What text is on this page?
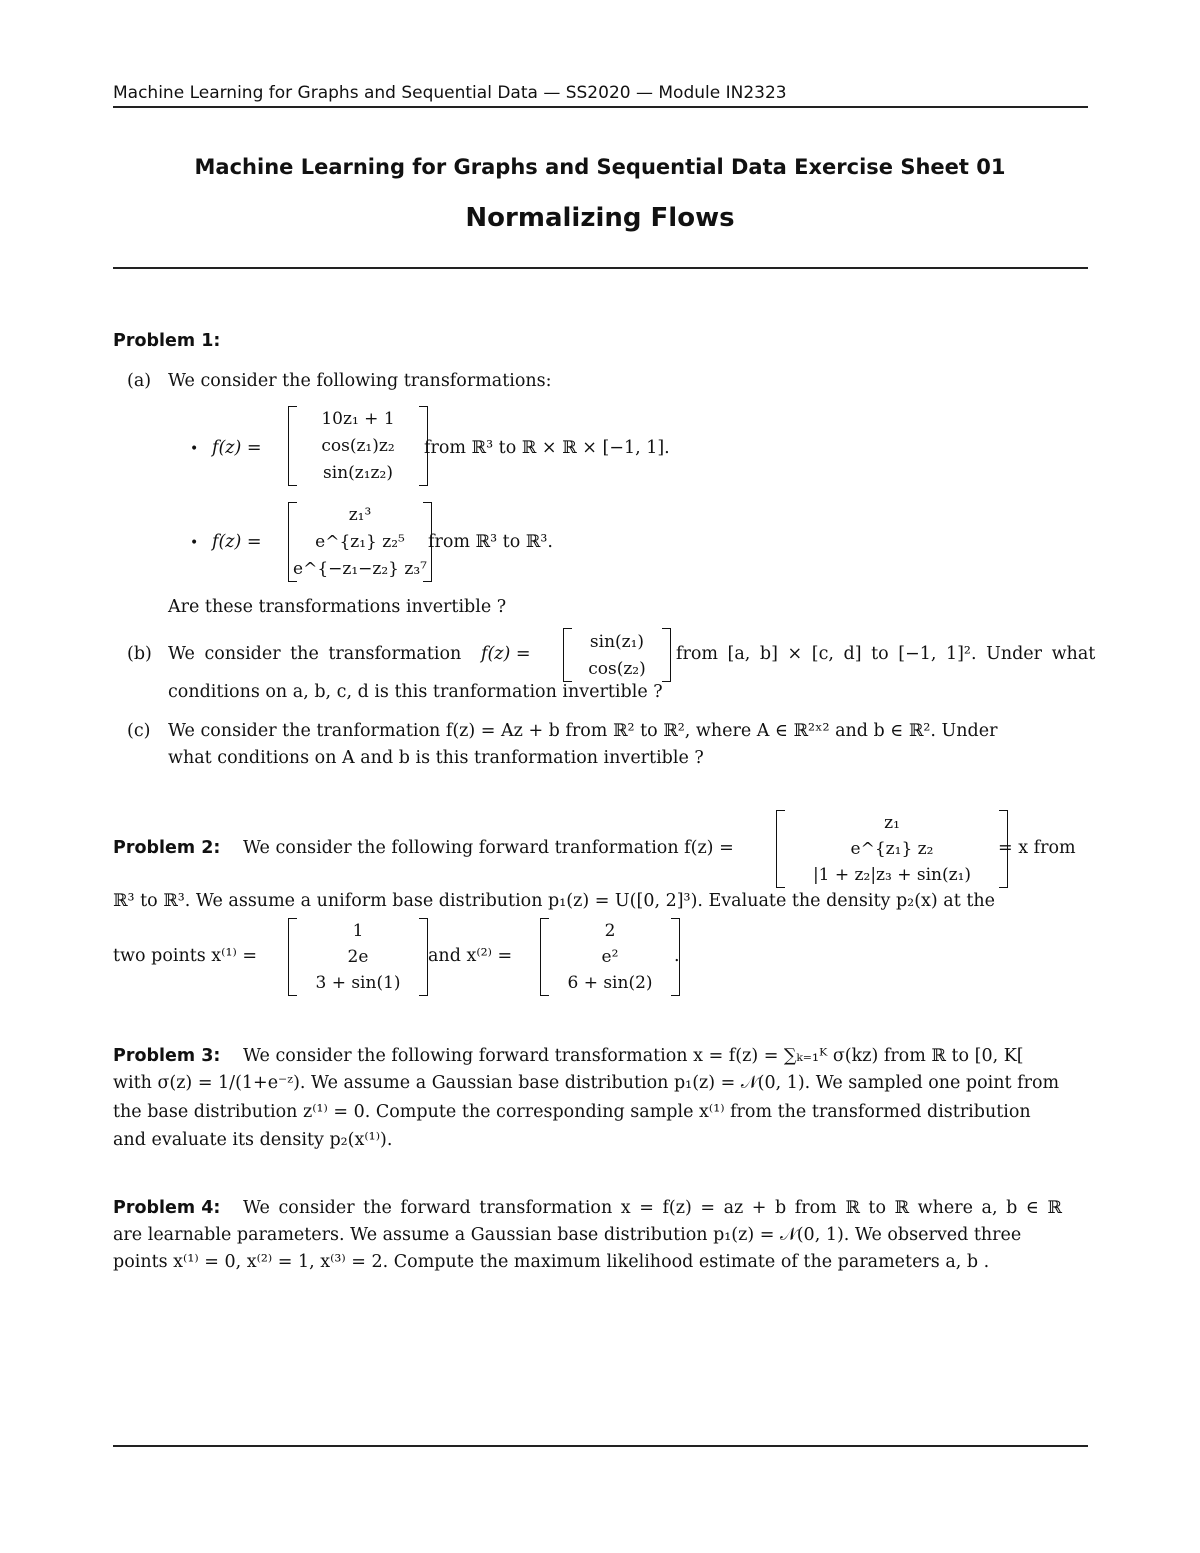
Machine Learning for Graphs and Sequential Data — SS2020 — Module IN2323
Machine Learning for Graphs and Sequential Data Exercise Sheet 01
Normalizing Flows
Problem 1:
(a) We consider the following transformations:
• f(z) =
10z₁ + 1
cos(z₁)z₂
sin(z₁z₂)
from ℝ³ to ℝ × ℝ × [−1, 1].
• f(z) =
z₁³
e^{z₁} z₂⁵
e^{−z₁−z₂} z₃⁷
from ℝ³ to ℝ³.
Are these transformations invertible ?
(b) We consider the transformation f(z) =
sin(z₁)
cos(z₂)
from [a, b] × [c, d] to [−1, 1]². Under what
conditions on a, b, c, d is this tranformation invertible ?
(c) We consider the tranformation f(z) = Az + b from ℝ² to ℝ², where A ∈ ℝ²ˣ² and b ∈ ℝ². Under
what conditions on A and b is this tranformation invertible ?
Problem 2: We consider the following forward tranformation f(z) =
z₁
e^{z₁} z₂
|1 + z₂|z₃ + sin(z₁)
= x from
ℝ³ to ℝ³. We assume a uniform base distribution p₁(z) = U([0, 2]³). Evaluate the density p₂(x) at the
two points x⁽¹⁾ =
1
2e
3 + sin(1)
and x⁽²⁾ =
2
e²
6 + sin(2)
.
Problem 3: We consider the following forward transformation x = f(z) = ∑ₖ₌₁ᴷ σ(kz) from ℝ to [0, K[
with σ(z) = 1/(1+e⁻ᶻ). We assume a Gaussian base distribution p₁(z) = 𝒩(0, 1). We sampled one point from
the base distribution z⁽¹⁾ = 0. Compute the corresponding sample x⁽¹⁾ from the transformed distribution
and evaluate its density p₂(x⁽¹⁾).
Problem 4: We consider the forward transformation x = f(z) = az + b from ℝ to ℝ where a, b ∈ ℝ
are learnable parameters. We assume a Gaussian base distribution p₁(z) = 𝒩(0, 1). We observed three
points x⁽¹⁾ = 0, x⁽²⁾ = 1, x⁽³⁾ = 2. Compute the maximum likelihood estimate of the parameters a, b .
